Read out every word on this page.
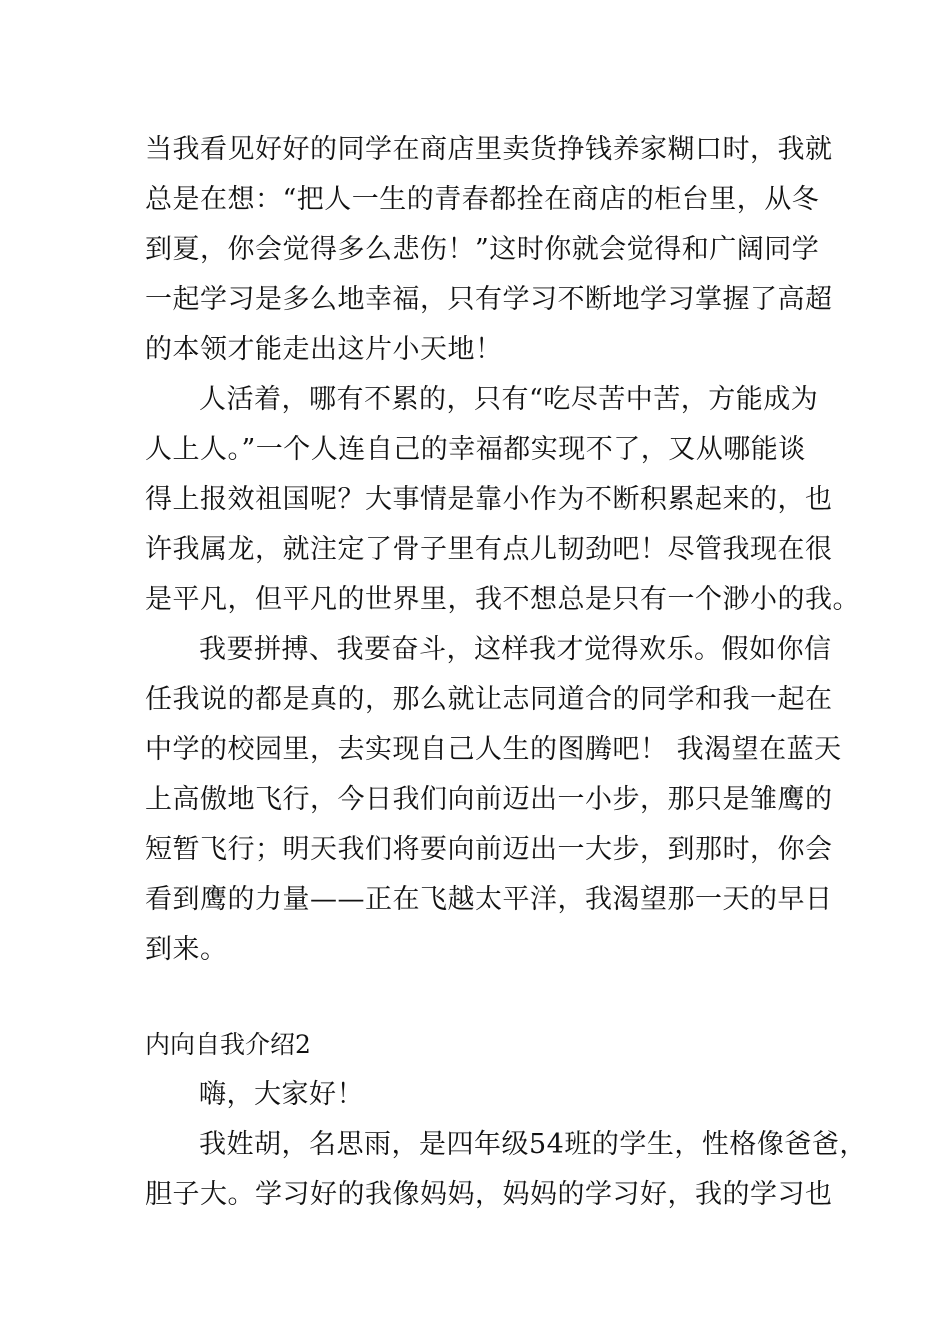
当我看见好好的同学在商店里卖货挣钱养家糊口时，我就
总是在想：“把人一生的青春都拴在商店的柜台里，从冬
到夏，你会觉得多么悲伤！”这时你就会觉得和广阔同学
一起学习是多么地幸福，只有学习不断地学习掌握了高超
的本领才能走出这片小天地！
人活着，哪有不累的，只有“吃尽苦中苦，方能成为
人上人。”一个人连自己的幸福都实现不了，又从哪能谈
得上报效祖国呢？大事情是靠小作为不断积累起来的，也
许我属龙，就注定了骨子里有点儿韧劲吧！尽管我现在很
是平凡，但平凡的世界里，我不想总是只有一个渺小的我。
我要拼搏、我要奋斗，这样我才觉得欢乐。假如你信
任我说的都是真的，那么就让志同道合的同学和我一起在
中学的校园里，去实现自己人生的图腾吧！ 我渴望在蓝天
上高傲地飞行，今日我们向前迈出一小步，那只是雏鹰的
短暂飞行；明天我们将要向前迈出一大步，到那时，你会
看到鹰的力量——正在飞越太平洋，我渴望那一天的早日
到来。
内向自我介绍2
嗨，大家好！
我姓胡，名思雨，是四年级54班的学生，性格像爸爸，
胆子大。学习好的我像妈妈，妈妈的学习好，我的学习也
